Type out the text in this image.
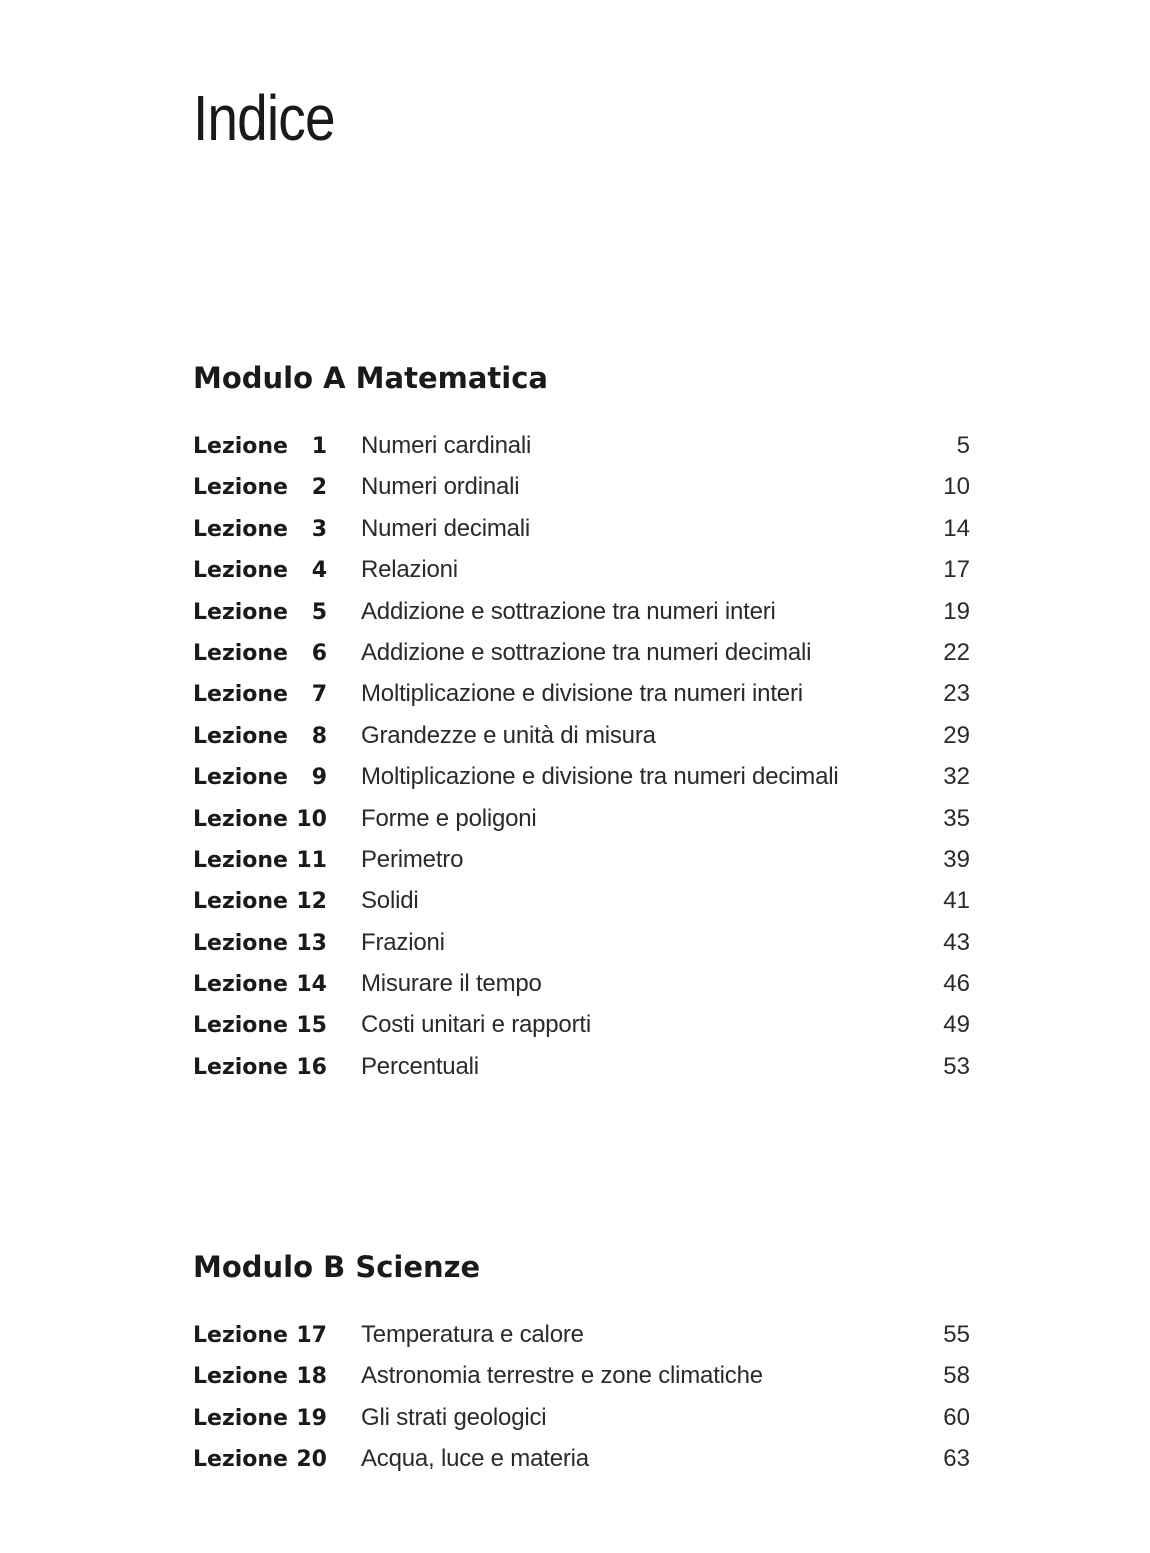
Indice
Modulo A Matematica
Lezione	1 Numeri cardinali	5
Lezione	2 Numeri ordinali	10
Lezione	3 Numeri decimali	14
Lezione	4 Relazioni	17
Lezione	5 Addizione e sottrazione tra numeri interi	19
Lezione	6 Addizione e sottrazione tra numeri decimali	22
Lezione	7 Moltiplicazione e divisione tra numeri interi	23
Lezione	8 Grandezze e unità di misura	29
Lezione	9 Moltiplicazione e divisione tra numeri decimali	32
Lezione 10 Forme e poligoni	35
Lezione 11 Perimetro	39
Lezione 12 Solidi	41
Lezione 13 Frazioni	43
Lezione 14 Misurare il tempo	46
Lezione 15 Costi unitari e rapporti	49
Lezione 16 Percentuali	53
Modulo B Scienze
Lezione 17 Temperatura e calore	55
Lezione 18 Astronomia terrestre e zone climatiche	58
Lezione 19 Gli strati geologici	60
Lezione 20 Acqua, luce e materia	63
